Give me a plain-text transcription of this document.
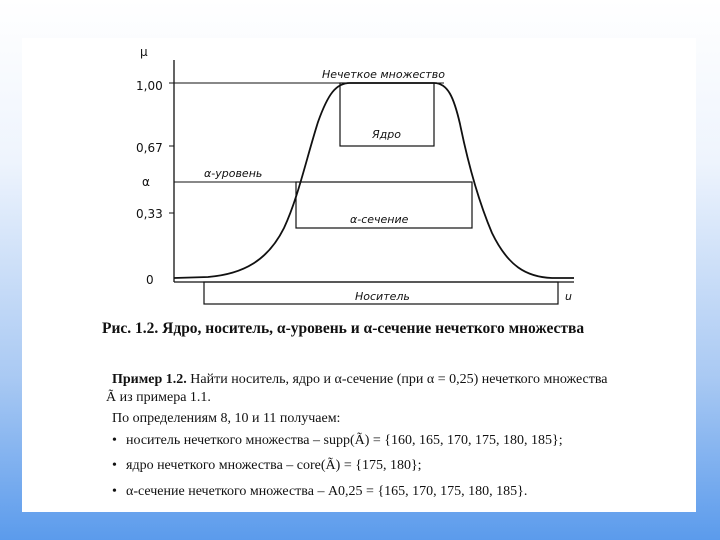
μ
1,00
0,67
α
0,33
0
Нечеткое множество
Ядро
α-уровень
α-сечение
Носитель	u
Рис. 1.2. Ядро, носитель, α-уровень и α-сечение нечеткого множества
Пример 1.2. Найти носитель, ядро и α-сечение (при α = 0,25) нечеткого множества
Ã из примера 1.1.
По определениям 8, 10 и 11 получаем:
• носитель нечеткого множества – supp(Ã) = {160, 165, 170, 175, 180, 185};
• ядро нечеткого множества – core(Ã) = {175, 180};
• α-сечение нечеткого множества – A0,25 = {165, 170, 175, 180, 185}.
